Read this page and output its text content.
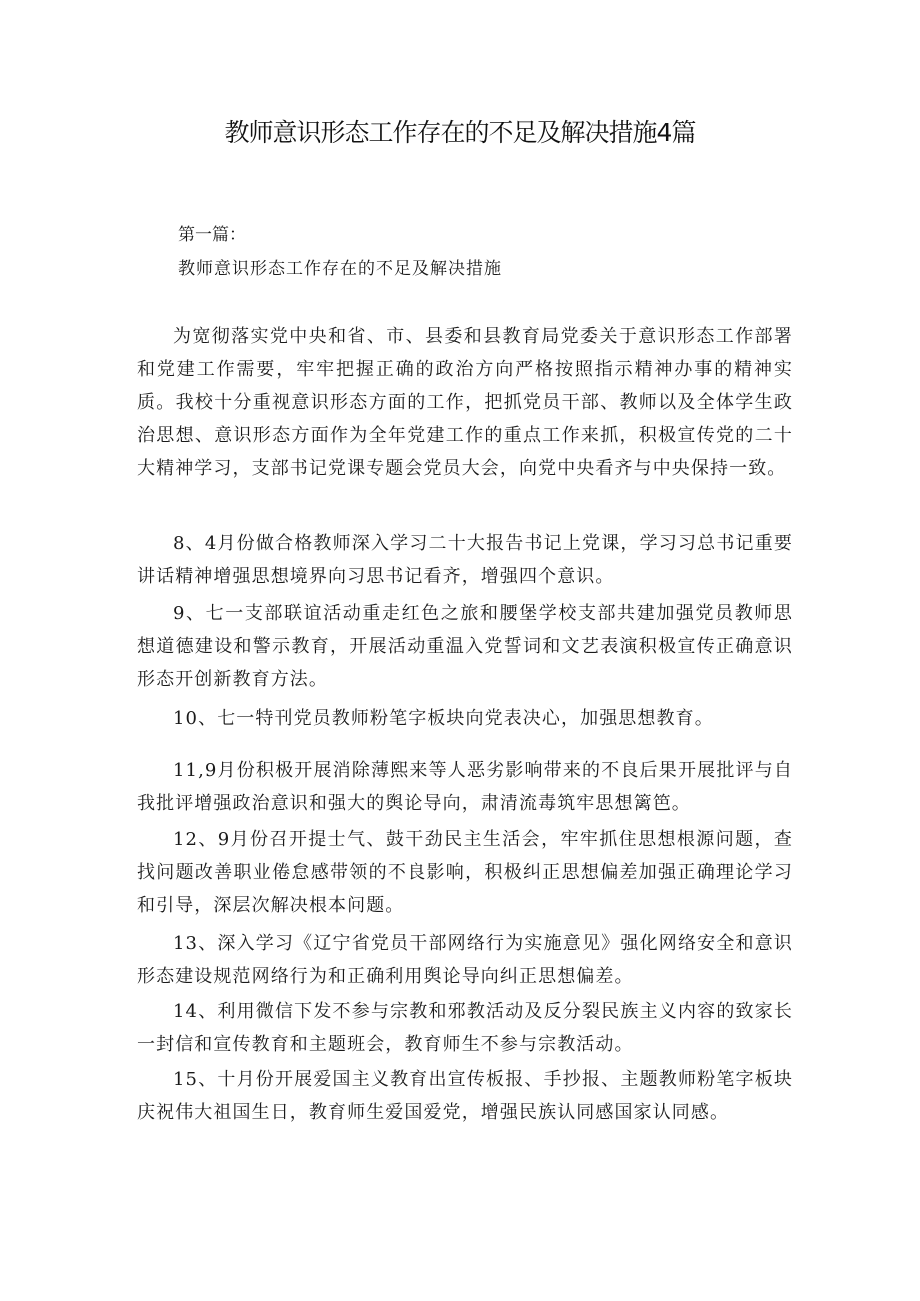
教师意识形态工作存在的不足及解决措施4篇

第一篇：

教师意识形态工作存在的不足及解决措施

为宽彻落实党中央和省、市、县委和县教育局党委关于意识形态工作部署和党建工作需要，牢牢把握正确的政治方向严格按照指示精神办事的精神实质。我校十分重视意识形态方面的工作，把抓党员干部、教师以及全体学生政治思想、意识形态方面作为全年党建工作的重点工作来抓，积极宣传党的二十大精神学习，支部书记党课专题会党员大会，向党中央看齐与中央保持一致。

8、4月份做合格教师深入学习二十大报告书记上党课，学习习总书记重要讲话精神增强思想境界向习思书记看齐，增强四个意识。

9、七一支部联谊活动重走红色之旅和腰堡学校支部共建加强党员教师思想道德建设和警示教育，开展活动重温入党誓词和文艺表演积极宣传正确意识形态开创新教育方法。

10、七一特刊党员教师粉笔字板块向党表决心，加强思想教育。

11,9月份积极开展消除薄熙来等人恶劣影响带来的不良后果开展批评与自我批评增强政治意识和强大的舆论导向，肃清流毒筑牢思想篱笆。

12、9月份召开提士气、鼓干劲民主生活会，牢牢抓住思想根源问题，查找问题改善职业倦怠感带领的不良影响，积极纠正思想偏差加强正确理论学习和引导，深层次解决根本问题。

13、深入学习《辽宁省党员干部网络行为实施意见》强化网络安全和意识形态建设规范网络行为和正确利用舆论导向纠正思想偏差。

14、利用微信下发不参与宗教和邪教活动及反分裂民族主义内容的致家长一封信和宣传教育和主题班会，教育师生不参与宗教活动。

15、十月份开展爱国主义教育出宣传板报、手抄报、主题教师粉笔字板块庆祝伟大祖国生日，教育师生爱国爱党，增强民族认同感国家认同感。
